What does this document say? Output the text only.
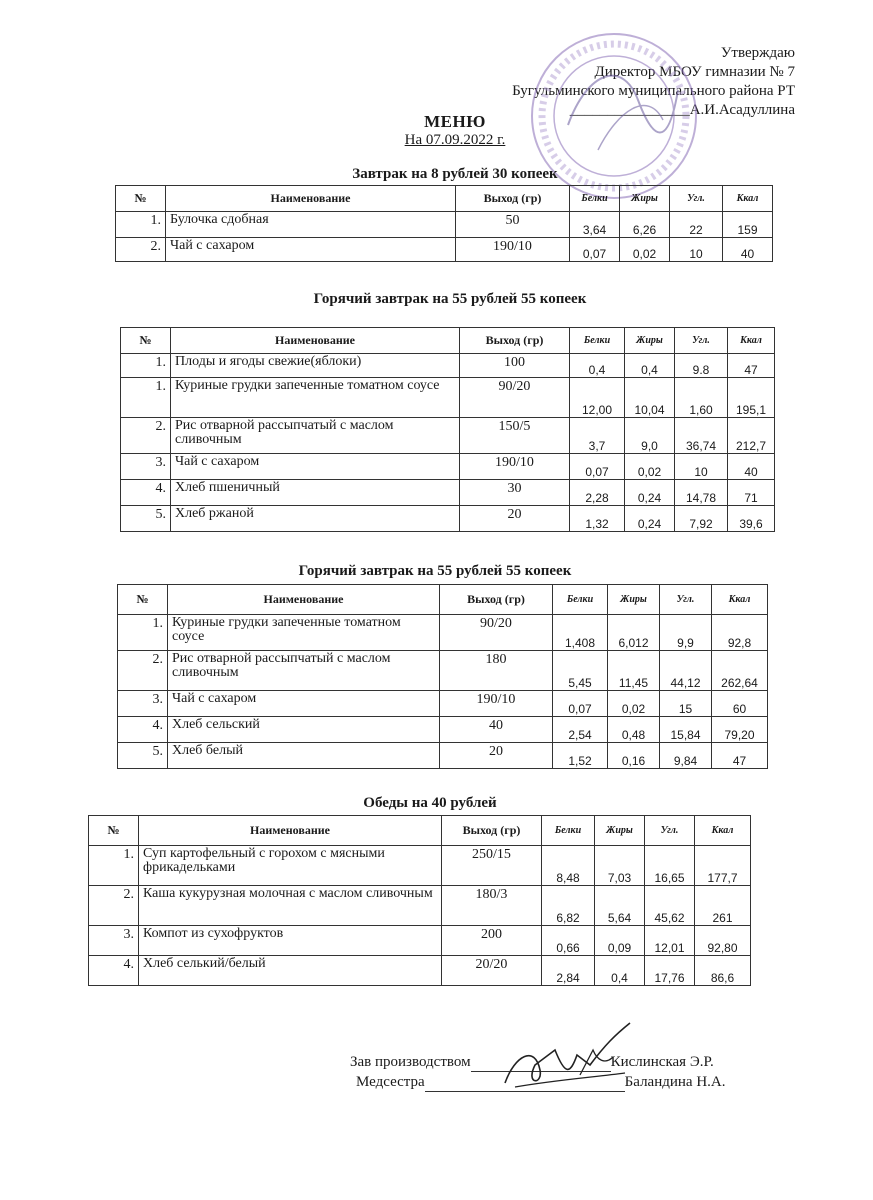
Утверждаю
Директор МБОУ гимназии № 7
Бугульминского муниципального района РТ
________________А.И.Асадуллина
МЕНЮ
На 07.09.2022 г.
Завтрак на 8 рублей 30 копеек
№	Наименование	Выход (гр)	Белки	Жиры	Угл.	Ккал
1.	Булочка сдобная	50	3,64	6,26	22	159
2.	Чай с сахаром	190/10	0,07	0,02	10	40
Горячий завтрак на 55 рублей 55 копеек
№	Наименование	Выход (гр)	Белки	Жиры	Угл.	Ккал
1.	Плоды и ягоды свежие(яблоки)	100	0,4	0,4	9.8	47
1.	Куриные грудки запеченные томатном соусе	90/20	12,00	10,04	1,60	195,1
2.	Рис отварной рассыпчатый с маслом сливочным	150/5	3,7	9,0	36,74	212,7
3.	Чай с сахаром	190/10	0,07	0,02	10	40
4.	Хлеб пшеничный	30	2,28	0,24	14,78	71
5.	Хлеб ржаной	20	1,32	0,24	7,92	39,6
Горячий завтрак на 55 рублей 55 копеек
№	Наименование	Выход (гр)	Белки	Жиры	Угл.	Ккал
1.	Куриные грудки запеченные томатном соусе	90/20	1,408	6,012	9,9	92,8
2.	Рис отварной рассыпчатый с маслом сливочным	180	5,45	11,45	44,12	262,64
3.	Чай с сахаром	190/10	0,07	0,02	15	60
4.	Хлеб сельский	40	2,54	0,48	15,84	79,20
5.	Хлеб белый	20	1,52	0,16	9,84	47
Обеды на 40 рублей
№	Наименование	Выход (гр)	Белки	Жиры	Угл.	Ккал
1.	Суп картофельный с горохом с мясными фрикадельками	250/15	8,48	7,03	16,65	177,7
2.	Каша кукурузная молочная с маслом сливочным	180/3	6,82	5,64	45,62	261
3.	Компот из сухофруктов	200	0,66	0,09	12,01	92,80
4.	Хлеб селький/белый	20/20	2,84	0,4	17,76	86,6
Зав производством	Кислинская Э.Р.
Медсестра	Баландина Н.А.
